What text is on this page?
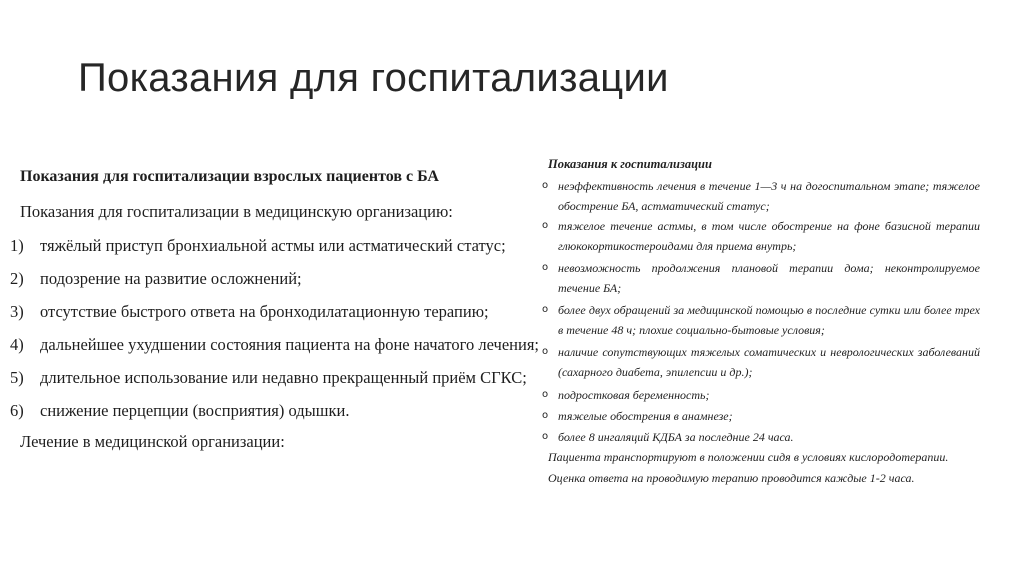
Показания для госпитализации
Показания для госпитализации взрослых пациентов с БА
Показания для госпитализации в медицинскую организацию:
1) тяжёлый приступ бронхиальной астмы или астматический статус;
2) подозрение на развитие осложнений;
3) отсутствие быстрого ответа на бронходилатационную терапию;
4) дальнейшее ухудшении состояния пациента на фоне начатого лечения;
5) длительное использование или недавно прекращенный приём СГКС;
6) снижение перцепции (восприятия) одышки.
Лечение в медицинской организации:
Показания к госпитализации
o неэффективность лечения в течение 1—3 ч на догоспитальном этапе; тяжелое обострение БА, астматический статус;
o тяжелое течение астмы, в том числе обострение на фоне базисной терапии глюкокортикостероидами для приема внутрь;
o невозможность продолжения плановой терапии дома; неконтролируемое течение БА;
o более двух обращений за медицинской помощью в последние сутки или более трех в течение 48 ч; плохие социально-бытовые условия;
o наличие сопутствующих тяжелых соматических и неврологических заболеваний (сахарного диабета, эпилепсии и др.);
o подростковая беременность;
o тяжелые обострения в анамнезе;
o более 8 ингаляций КДБА за последние 24 часа.
Пациента транспортируют в положении сидя в условиях кислородотерапии.
Оценка ответа на проводимую терапию проводится каждые 1-2 часа.
